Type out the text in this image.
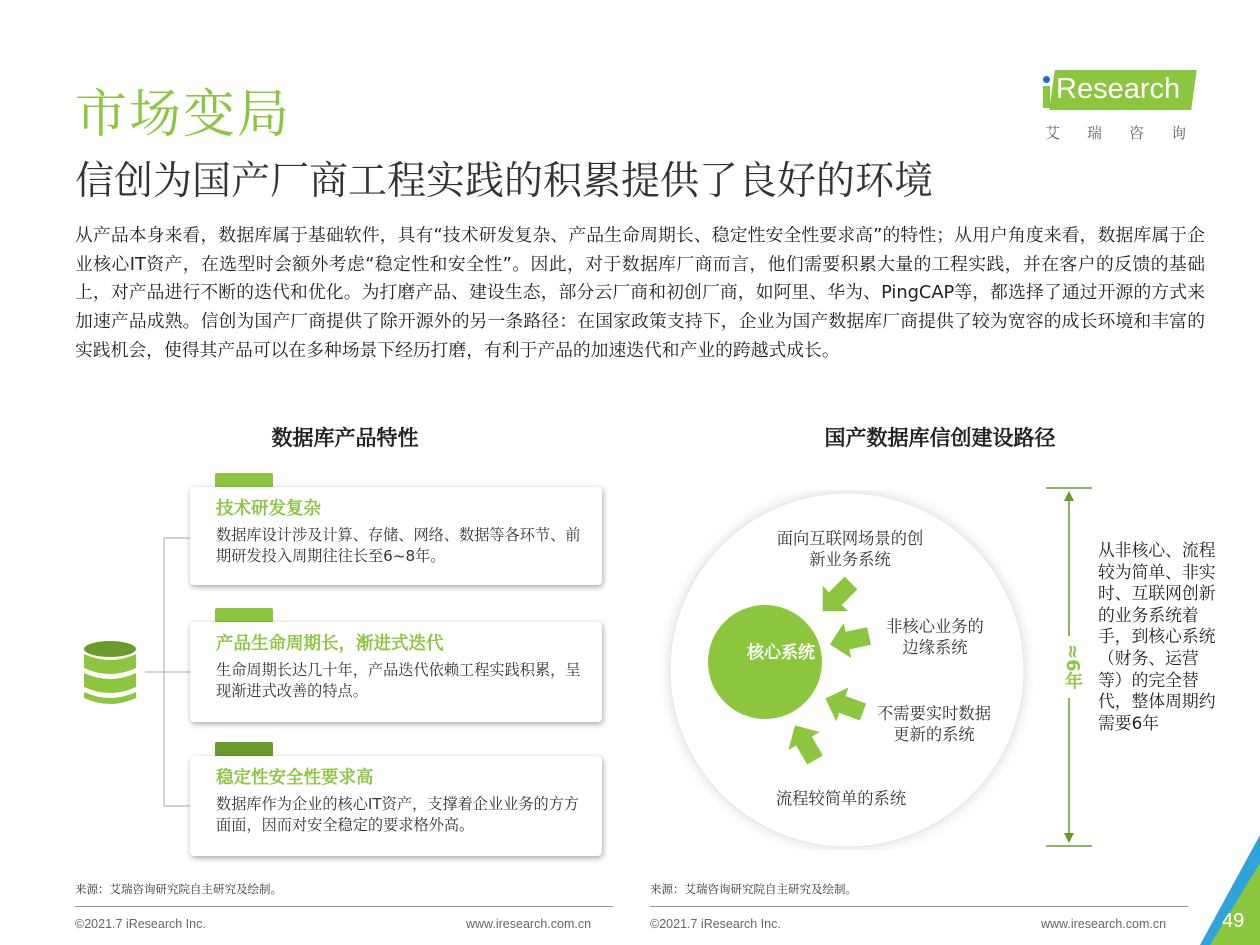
市场变局
信创为国产厂商工程实践的积累提供了良好的环境
Research
艾瑞咨询
从产品本身来看，数据库属于基础软件，具有“技术研发复杂、产品生命周期长、稳定性安全性要求高”的特性；从用户角度来看，数据库属于企业核心IT资产，在选型时会额外考虑“稳定性和安全性”。因此，对于数据库厂商而言，他们需要积累大量的工程实践，并在客户的反馈的基础上，对产品进行不断的迭代和优化。为打磨产品、建设生态，部分云厂商和初创厂商，如阿里、华为、PingCAP等，都选择了通过开源的方式来加速产品成熟。信创为国产厂商提供了除开源外的另一条路径：在国家政策支持下，企业为国产数据库厂商提供了较为宽容的成长环境和丰富的实践机会，使得其产品可以在多种场景下经历打磨，有利于产品的加速迭代和产业的跨越式成长。
数据库产品特性
技术研发复杂
数据库设计涉及计算、存储、网络、数据等各环节、前期研发投入周期往往长至6~8年。
产品生命周期长，渐进式迭代
生命周期长达几十年，产品迭代依赖工程实践积累，呈现渐进式改善的特点。
稳定性安全性要求高
数据库作为企业的核心IT资产，支撑着企业业务的方方面面，因而对安全稳定的要求格外高。
国产数据库信创建设路径
核心系统
面向互联网场景的创新业务系统
非核心业务的边缘系统
不需要实时数据更新的系统
流程较简单的系统
≈6年
从非核心、流程较为简单、非实时、互联网创新的业务系统着手，到核心系统（财务、运营等）的完全替代，整体周期约需要6年
来源：艾瑞咨询研究院自主研究及绘制。	来源：艾瑞咨询研究院自主研究及绘制。
©2021.7 iResearch Inc.	www.iresearch.com.cn	©2021.7 iResearch Inc.	www.iresearch.com.cn	49
